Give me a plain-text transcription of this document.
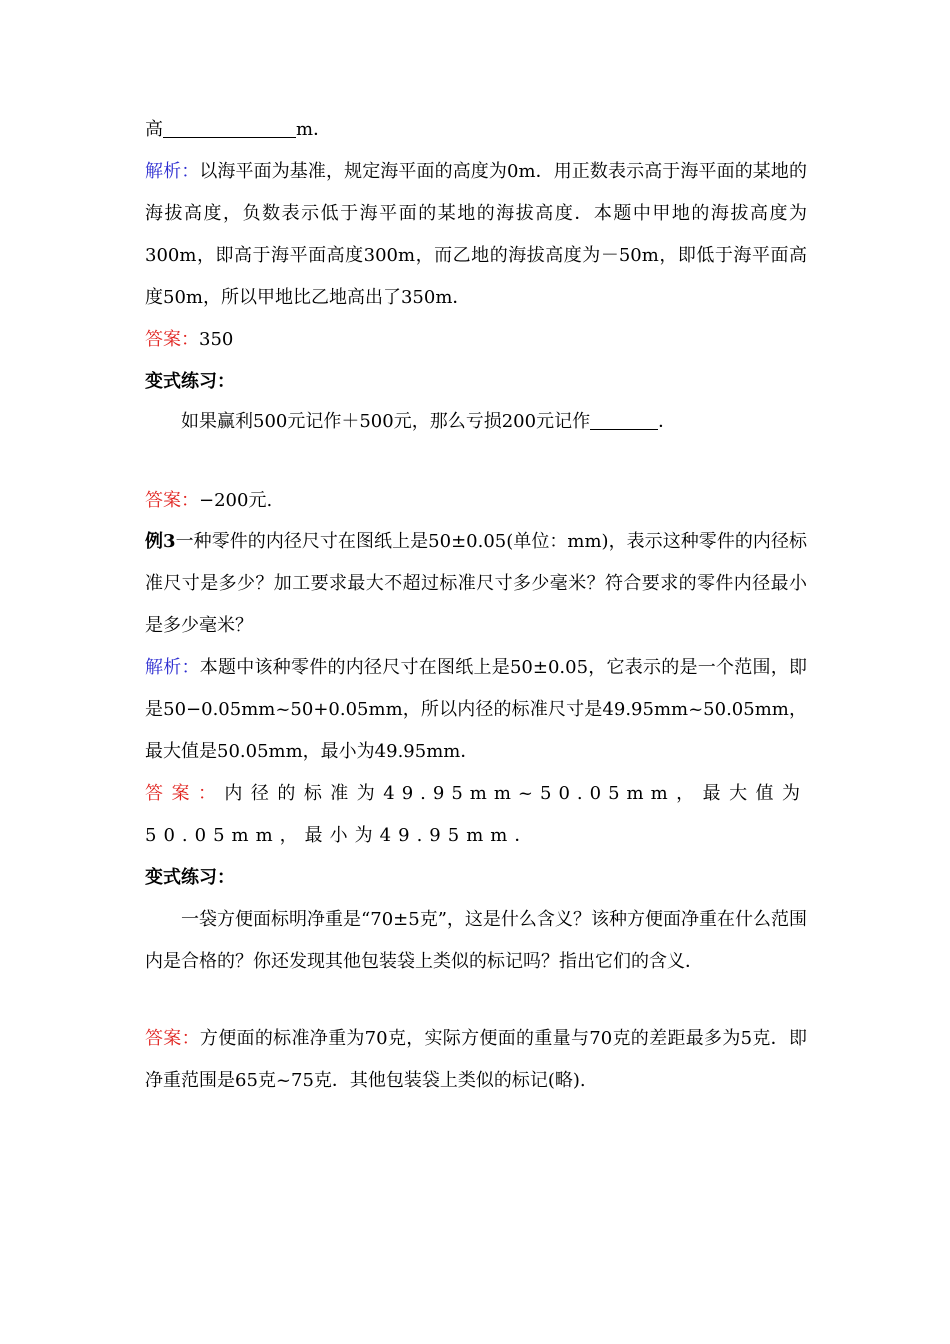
高	m．

解析：以海平面为基准，规定海平面的高度为0m．用正数表示高于海平面的某地的海拔高度，负数表示低于海平面的某地的海拔高度．本题中甲地的海拔高度为300m，即高于海平面高度300m，而乙地的海拔高度为－50m，即低于海平面高度50m，所以甲地比乙地高出了350m．

答案：350

变式练习：

如果赢利500元记作＋500元，那么亏损200元记作	．

答案：−200元.

例3一种零件的内径尺寸在图纸上是50±0.05(单位：mm)，表示这种零件的内径标准尺寸是多少？加工要求最大不超过标准尺寸多少毫米？符合要求的零件内径最小是多少毫米？

解析：本题中该种零件的内径尺寸在图纸上是50±0.05，它表示的是一个范围，即是50−0.05mm~50+0.05mm，所以内径的标准尺寸是49.95mm~50.05mm，最大值是50.05mm，最小为49.95mm．

答案：内径的标准为49.95mm~50.05mm，最大值为50.05mm，最小为49.95mm．

变式练习：

一袋方便面标明净重是“70±5克”，这是什么含义？该种方便面净重在什么范围内是合格的？你还发现其他包装袋上类似的标记吗？指出它们的含义．

答案：方便面的标准净重为70克，实际方便面的重量与70克的差距最多为5克．即净重范围是65克~75克．其他包装袋上类似的标记(略).
